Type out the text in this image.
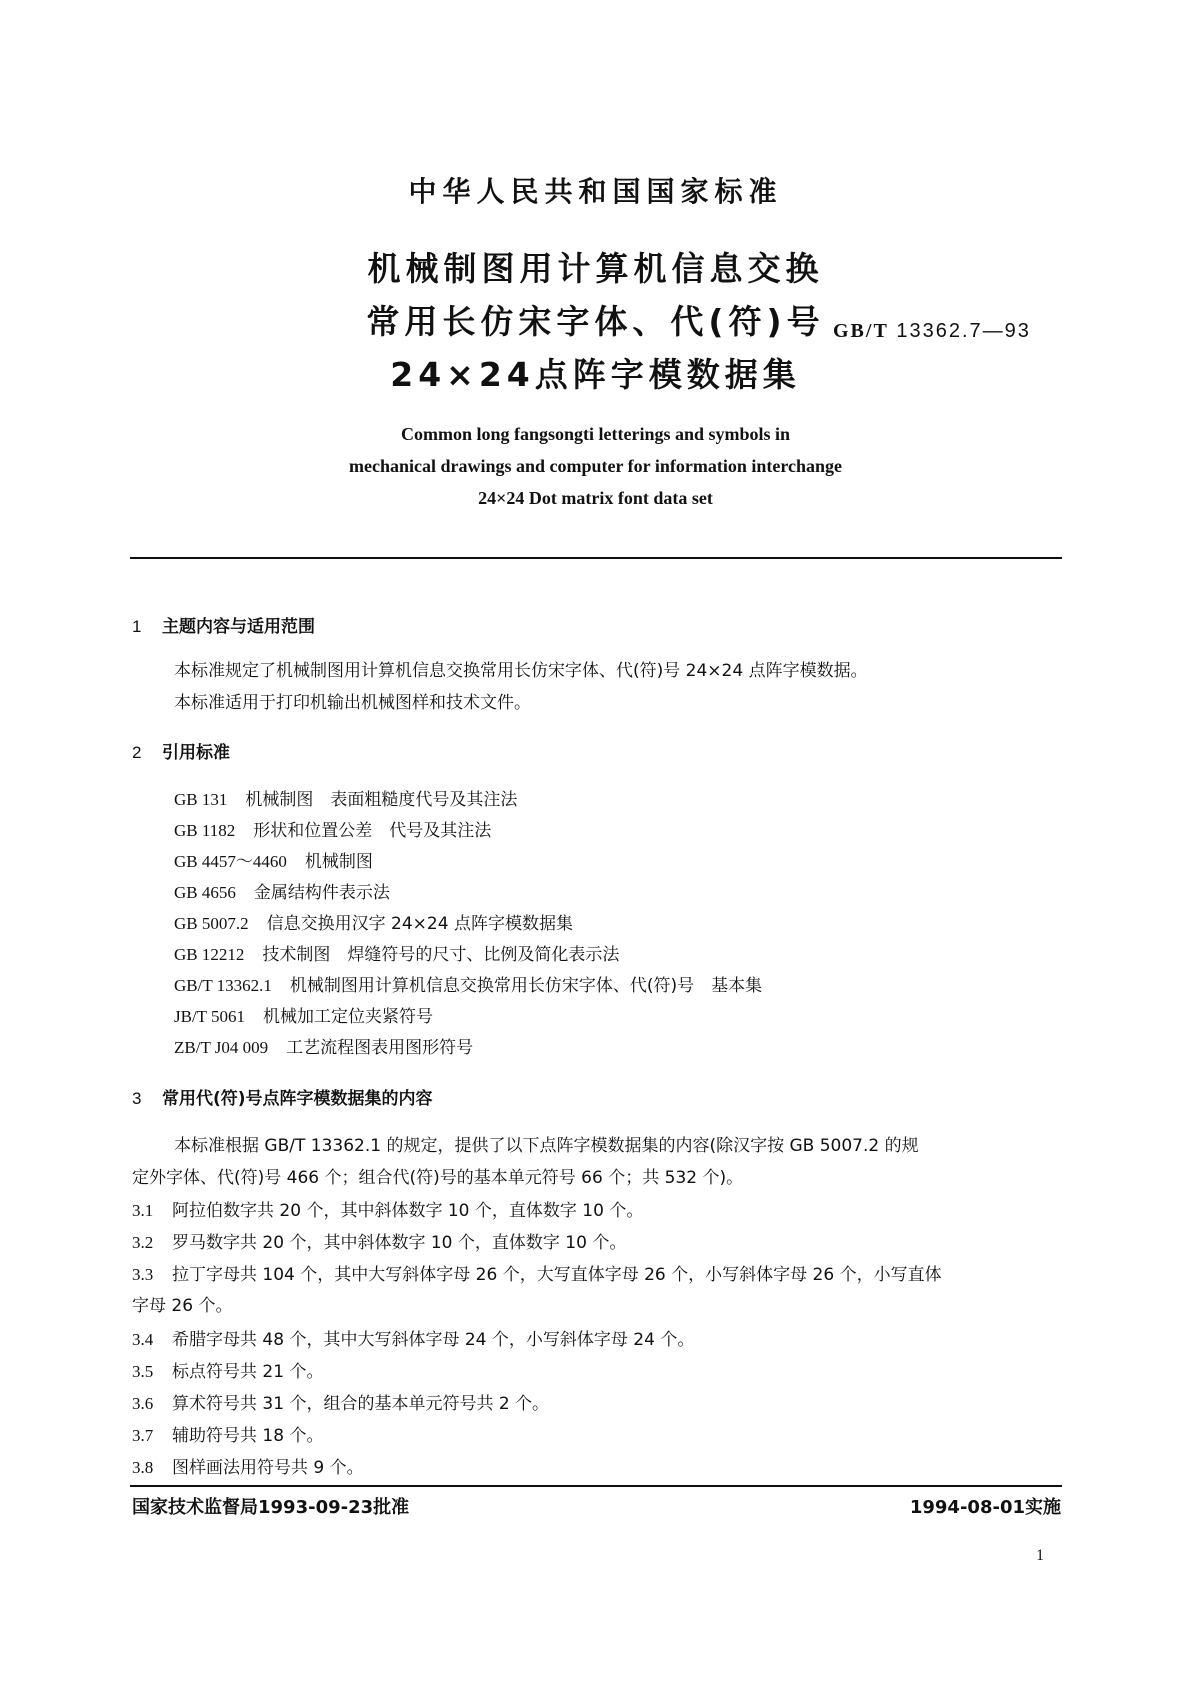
中华人民共和国国家标准
机械制图用计算机信息交换
常用长仿宋字体、代(符)号
24×24点阵字模数据集
GB/T 13362.7—93
Common long fangsongti letterings and symbols in
mechanical drawings and computer for information interchange
24×24 Dot matrix font data set
1 主题内容与适用范围
本标准规定了机械制图用计算机信息交换常用长仿宋字体、代(符)号 24×24 点阵字模数据。
本标准适用于打印机输出机械图样和技术文件。
2 引用标准
GB 131 机械制图　表面粗糙度代号及其注法
GB 1182 形状和位置公差　代号及其注法
GB 4457～4460 机械制图
GB 4656 金属结构件表示法
GB 5007.2 信息交换用汉字 24×24 点阵字模数据集
GB 12212 技术制图　焊缝符号的尺寸、比例及简化表示法
GB/T 13362.1 机械制图用计算机信息交换常用长仿宋字体、代(符)号　基本集
JB/T 5061 机械加工定位夹紧符号
ZB/T J04 009 工艺流程图表用图形符号
3 常用代(符)号点阵字模数据集的内容
本标准根据 GB/T 13362.1 的规定，提供了以下点阵字模数据集的内容(除汉字按 GB 5007.2 的规
定外字体、代(符)号 466 个；组合代(符)号的基本单元符号 66 个；共 532 个)。
3.1 阿拉伯数字共 20 个，其中斜体数字 10 个，直体数字 10 个。
3.2 罗马数字共 20 个，其中斜体数字 10 个，直体数字 10 个。
3.3 拉丁字母共 104 个，其中大写斜体字母 26 个，大写直体字母 26 个，小写斜体字母 26 个，小写直体
字母 26 个。
3.4 希腊字母共 48 个，其中大写斜体字母 24 个，小写斜体字母 24 个。
3.5 标点符号共 21 个。
3.6 算术符号共 31 个，组合的基本单元符号共 2 个。
3.7 辅助符号共 18 个。
3.8 图样画法用符号共 9 个。
国家技术监督局1993-09-23批准	1994-08-01实施
1
